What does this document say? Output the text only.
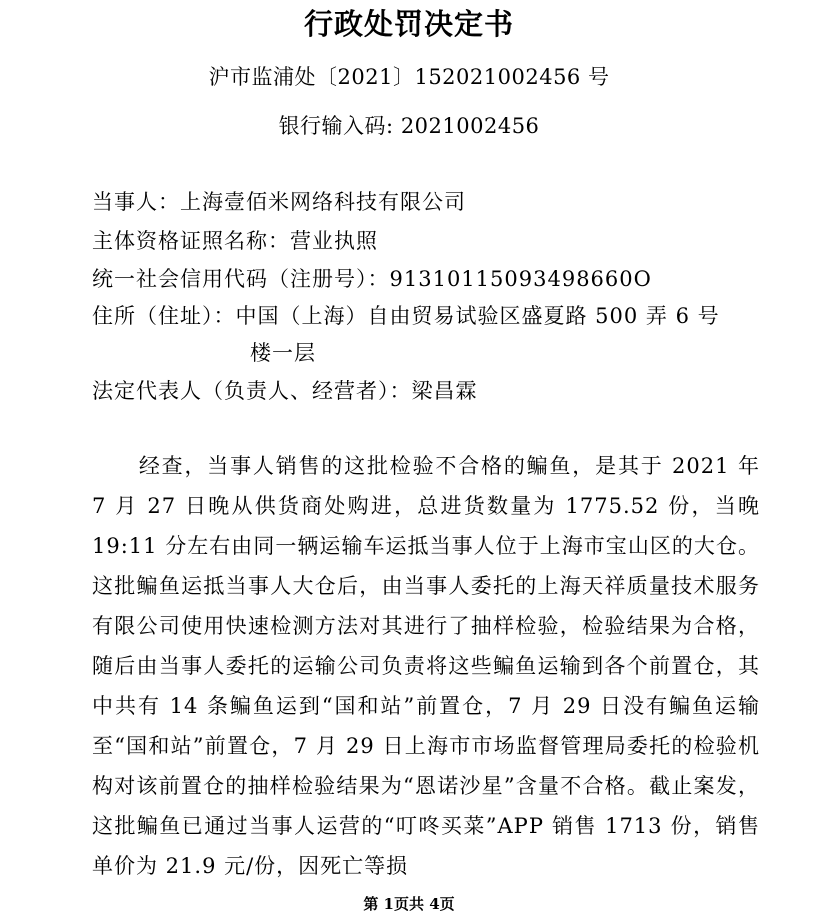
行政处罚决定书
沪市监浦处〔2021〕152021002456 号
银行输入码: 2021002456
当事人：上海壹佰米网络科技有限公司
主体资格证照名称：营业执照
统一社会信用代码（注册号）：91310115093498660O
住所（住址）：中国（上海）自由贸易试验区盛夏路 500 弄 6 号
楼一层
法定代表人（负责人、经营者）：梁昌霖
经查，当事人销售的这批检验不合格的鳊鱼，是其于 2021 年 7 月 27 日晚从供货商处购进，总进货数量为 1775.52 份，当晚 19:11 分左右由同一辆运输车运抵当事人位于上海市宝山区的大仓。这批鳊鱼运抵当事人大仓后，由当事人委托的上海天祥质量技术服务有限公司使用快速检测方法对其进行了抽样检验，检验结果为合格，随后由当事人委托的运输公司负责将这些鳊鱼运输到各个前置仓，其中共有 14 条鳊鱼运到“国和站”前置仓，7 月 29 日没有鳊鱼运输至“国和站”前置仓，7 月 29 日上海市市场监督管理局委托的检验机构对该前置仓的抽样检验结果为“恩诺沙星”含量不合格。截止案发，这批鳊鱼已通过当事人运营的“叮咚买菜”APP 销售 1713 份，销售单价为 21.9 元/份，因死亡等损
第 1页共 4页
